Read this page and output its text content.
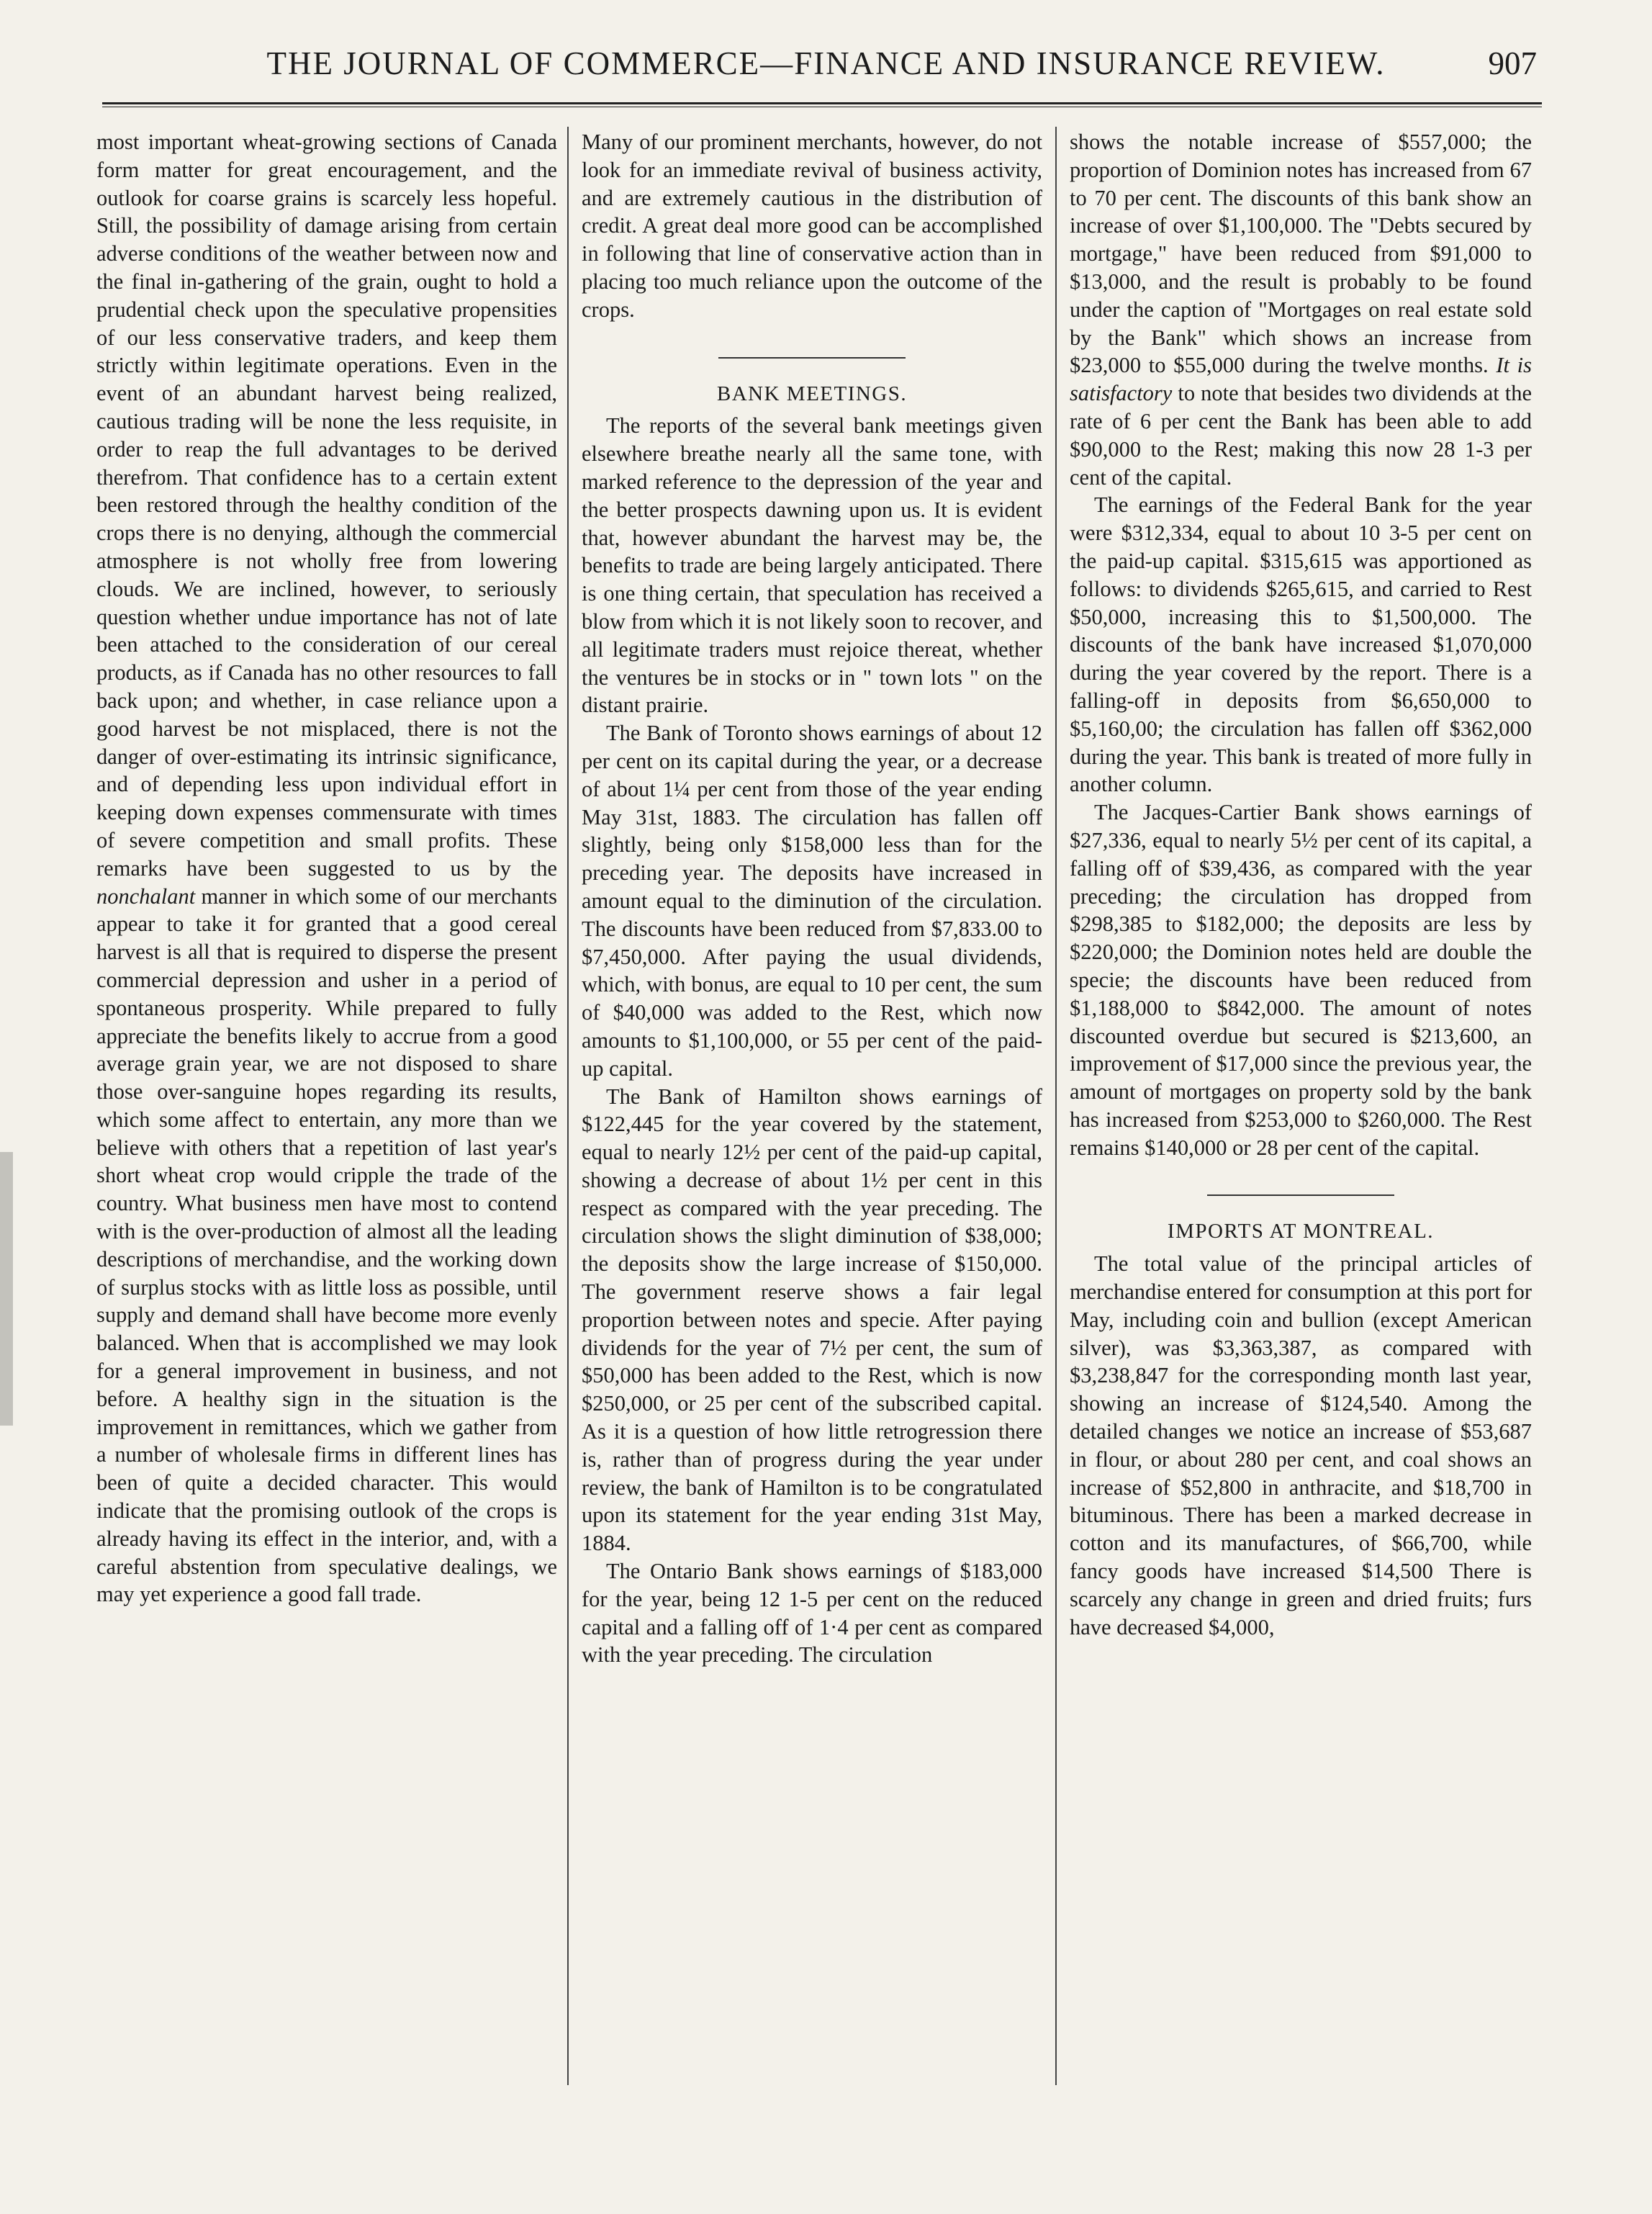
THE JOURNAL OF COMMERCE—FINANCE AND INSURANCE REVIEW.	907

most important wheat-growing sections of Canada form matter for great encouragement, and the outlook for coarse grains is scarcely less hopeful. Still, the possibility of damage arising from certain adverse conditions of the weather between now and the final in-gathering of the grain, ought to hold a prudential check upon the speculative propensities of our less conservative traders, and keep them strictly within legitimate operations. Even in the event of an abundant harvest being realized, cautious trading will be none the less requisite, in order to reap the full advantages to be derived therefrom. That confidence has to a certain extent been restored through the healthy condition of the crops there is no denying, although the commercial atmosphere is not wholly free from lowering clouds. We are inclined, however, to seriously question whether undue importance has not of late been attached to the consideration of our cereal products, as if Canada has no other resources to fall back upon; and whether, in case reliance upon a good harvest be not misplaced, there is not the danger of over-estimating its intrinsic significance, and of depending less upon individual effort in keeping down expenses commensurate with times of severe competition and small profits. These remarks have been suggested to us by the nonchalant manner in which some of our merchants appear to take it for granted that a good cereal harvest is all that is required to disperse the present commercial depression and usher in a period of spontaneous prosperity. While prepared to fully appreciate the benefits likely to accrue from a good average grain year, we are not disposed to share those over-sanguine hopes regarding its results, which some affect to entertain, any more than we believe with others that a repetition of last year's short wheat crop would cripple the trade of the country. What business men have most to contend with is the over-production of almost all the leading descriptions of merchandise, and the working down of surplus stocks with as little loss as possible, until supply and demand shall have become more evenly balanced. When that is accomplished we may look for a general improvement in business, and not before. A healthy sign in the situation is the improvement in remittances, which we gather from a number of wholesale firms in different lines has been of quite a decided character. This would indicate that the promising outlook of the crops is already having its effect in the interior, and, with a careful abstention from speculative dealings, we may yet experience a good fall trade.

Many of our prominent merchants, however, do not look for an immediate revival of business activity, and are extremely cautious in the distribution of credit. A great deal more good can be accomplished in following that line of conservative action than in placing too much reliance upon the outcome of the crops.

BANK MEETINGS.

The reports of the several bank meetings given elsewhere breathe nearly all the same tone, with marked reference to the depression of the year and the better prospects dawning upon us. It is evident that, however abundant the harvest may be, the benefits to trade are being largely anticipated. There is one thing certain, that speculation has received a blow from which it is not likely soon to recover, and all legitimate traders must rejoice thereat, whether the ventures be in stocks or in " town lots " on the distant prairie.

The Bank of Toronto shows earnings of about 12 per cent on its capital during the year, or a decrease of about 1¼ per cent from those of the year ending May 31st, 1883. The circulation has fallen off slightly, being only $158,000 less than for the preceding year. The deposits have increased in amount equal to the diminution of the circulation. The discounts have been reduced from $7,833.00 to $7,450,000. After paying the usual dividends, which, with bonus, are equal to 10 per cent, the sum of $40,000 was added to the Rest, which now amounts to $1,100,000, or 55 per cent of the paid-up capital.

The Bank of Hamilton shows earnings of $122,445 for the year covered by the statement, equal to nearly 12½ per cent of the paid-up capital, showing a decrease of about 1½ per cent in this respect as compared with the year preceding. The circulation shows the slight diminution of $38,000; the deposits show the large increase of $150,000. The government reserve shows a fair legal proportion between notes and specie. After paying dividends for the year of 7½ per cent, the sum of $50,000 has been added to the Rest, which is now $250,000, or 25 per cent of the subscribed capital. As it is a question of how little retrogression there is, rather than of progress during the year under review, the bank of Hamilton is to be congratulated upon its statement for the year ending 31st May, 1884.

The Ontario Bank shows earnings of $183,000 for the year, being 12 1-5 per cent on the reduced capital and a falling off of 1·4 per cent as compared with the year preceding. The circulation

shows the notable increase of $557,000; the proportion of Dominion notes has increased from 67 to 70 per cent. The discounts of this bank show an increase of over $1,100,000. The "Debts secured by mortgage," have been reduced from $91,000 to $13,000, and the result is probably to be found under the caption of "Mortgages on real estate sold by the Bank" which shows an increase from $23,000 to $55,000 during the twelve months. It is satisfactory to note that besides two dividends at the rate of 6 per cent the Bank has been able to add $90,000 to the Rest; making this now 28 1-3 per cent of the capital.

The earnings of the Federal Bank for the year were $312,334, equal to about 10 3-5 per cent on the paid-up capital. $315,615 was apportioned as follows: to dividends $265,615, and carried to Rest $50,000, increasing this to $1,500,000. The discounts of the bank have increased $1,070,000 during the year covered by the report. There is a falling-off in deposits from $6,650,000 to $5,160,00; the circulation has fallen off $362,000 during the year. This bank is treated of more fully in another column.

The Jacques-Cartier Bank shows earnings of $27,336, equal to nearly 5½ per cent of its capital, a falling off of $39,436, as compared with the year preceding; the circulation has dropped from $298,385 to $182,000; the deposits are less by $220,000; the Dominion notes held are double the specie; the discounts have been reduced from $1,188,000 to $842,000. The amount of notes discounted overdue but secured is $213,600, an improvement of $17,000 since the previous year, the amount of mortgages on property sold by the bank has increased from $253,000 to $260,000. The Rest remains $140,000 or 28 per cent of the capital.

IMPORTS AT MONTREAL.

The total value of the principal articles of merchandise entered for consumption at this port for May, including coin and bullion (except American silver), was $3,363,387, as compared with $3,238,847 for the corresponding month last year, showing an increase of $124,540. Among the detailed changes we notice an increase of $53,687 in flour, or about 280 per cent, and coal shows an increase of $52,800 in anthracite, and $18,700 in bituminous. There has been a marked decrease in cotton and its manufactures, of $66,700, while fancy goods have increased $14,500 There is scarcely any change in green and dried fruits; furs have decreased $4,000,
